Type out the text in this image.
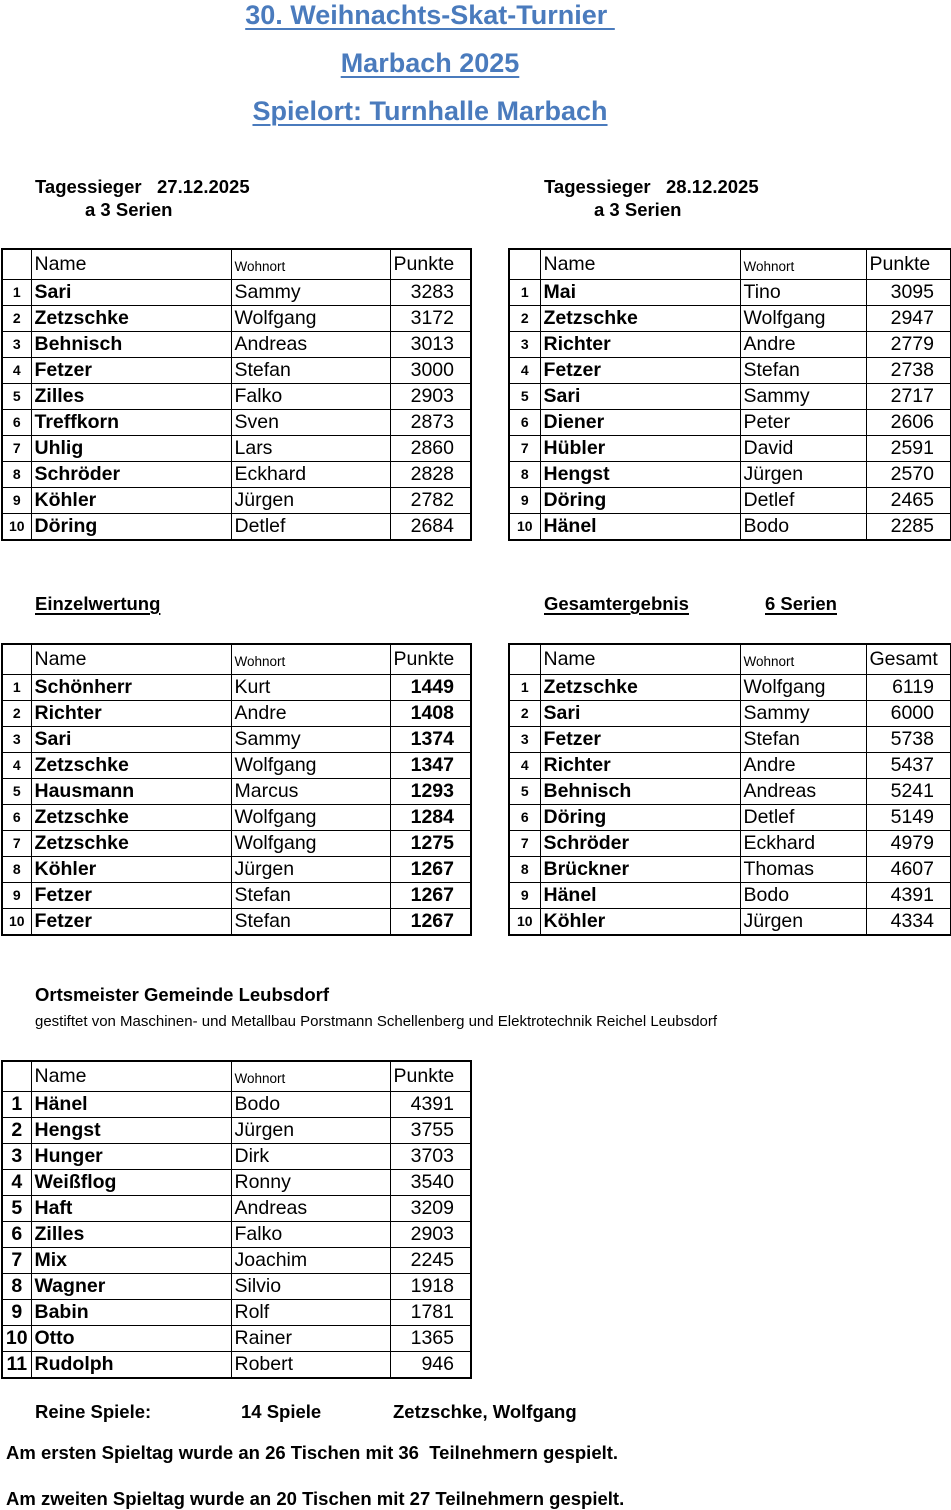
30. Weihnachts-Skat-Turnier
Marbach 2025
Spielort: Turnhalle Marbach
Tagessieger   27.12.2025
a 3 Serien
Tagessieger   28.12.2025
a 3 Serien
	Name	Wohnort	Punkte
1	Sari	Sammy	3283
2	Zetzschke	Wolfgang	3172
3	Behnisch	Andreas	3013
4	Fetzer	Stefan	3000
5	Zilles	Falko	2903
6	Treffkorn	Sven	2873
7	Uhlig	Lars	2860
8	Schröder	Eckhard	2828
9	Köhler	Jürgen	2782
10	Döring	Detlef	2684
	Name	Wohnort	Punkte
1	Mai	Tino	3095
2	Zetzschke	Wolfgang	2947
3	Richter	Andre	2779
4	Fetzer	Stefan	2738
5	Sari	Sammy	2717
6	Diener	Peter	2606
7	Hübler	David	2591
8	Hengst	Jürgen	2570
9	Döring	Detlef	2465
10	Hänel	Bodo	2285
Einzelwertung	Gesamtergebnis	6 Serien
	Name	Wohnort	Punkte
1	Schönherr	Kurt	1449
2	Richter	Andre	1408
3	Sari	Sammy	1374
4	Zetzschke	Wolfgang	1347
5	Hausmann	Marcus	1293
6	Zetzschke	Wolfgang	1284
7	Zetzschke	Wolfgang	1275
8	Köhler	Jürgen	1267
9	Fetzer	Stefan	1267
10	Fetzer	Stefan	1267
	Name	Wohnort	Gesamt
1	Zetzschke	Wolfgang	6119
2	Sari	Sammy	6000
3	Fetzer	Stefan	5738
4	Richter	Andre	5437
5	Behnisch	Andreas	5241
6	Döring	Detlef	5149
7	Schröder	Eckhard	4979
8	Brückner	Thomas	4607
9	Hänel	Bodo	4391
10	Köhler	Jürgen	4334
Ortsmeister Gemeinde Leubsdorf
gestiftet von Maschinen- und Metallbau Porstmann Schellenberg und Elektrotechnik Reichel Leubsdorf
	Name	Wohnort	Punkte
1	Hänel	Bodo	4391
2	Hengst	Jürgen	3755
3	Hunger	Dirk	3703
4	Weißflog	Ronny	3540
5	Haft	Andreas	3209
6	Zilles	Falko	2903
7	Mix	Joachim	2245
8	Wagner	Silvio	1918
9	Babin	Rolf	1781
10	Otto	Rainer	1365
11	Rudolph	Robert	946
Reine Spiele:	14 Spiele	Zetzschke, Wolfgang
Am ersten Spieltag wurde an 26 Tischen mit 36  Teilnehmern gespielt.
Am zweiten Spieltag wurde an 20 Tischen mit 27 Teilnehmern gespielt.
